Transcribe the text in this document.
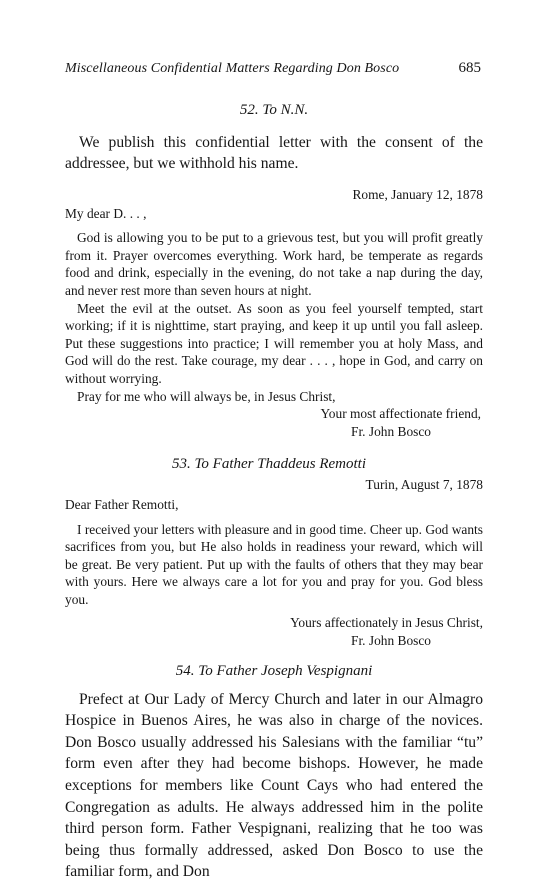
Miscellaneous Confidential Matters Regarding Don Bosco	685
52. To N.N.

We publish this confidential letter with the consent of the addressee, but we withhold his name.

Rome, January 12, 1878

My dear D. . . ,

God is allowing you to be put to a grievous test, but you will profit greatly from it. Prayer overcomes everything. Work hard, be temperate as regards food and drink, especially in the evening, do not take a nap during the day, and never rest more than seven hours at night.

Meet the evil at the outset. As soon as you feel yourself tempted, start working; if it is nighttime, start praying, and keep it up until you fall asleep. Put these suggestions into practice; I will remember you at holy Mass, and God will do the rest. Take courage, my dear . . . , hope in God, and carry on without worrying.

Pray for me who will always be, in Jesus Christ,

Your most affectionate friend,
Fr. John Bosco
53. To Father Thaddeus Remotti

Turin, August 7, 1878

Dear Father Remotti,

I received your letters with pleasure and in good time. Cheer up. God wants sacrifices from you, but He also holds in readiness your reward, which will be great. Be very patient. Put up with the faults of others that they may bear with yours. Here we always care a lot for you and pray for you. God bless you.

Yours affectionately in Jesus Christ,
Fr. John Bosco
54. To Father Joseph Vespignani

Prefect at Our Lady of Mercy Church and later in our Almagro Hospice in Buenos Aires, he was also in charge of the novices. Don Bosco usually addressed his Salesians with the familiar “tu” form even after they had become bishops. However, he made exceptions for members like Count Cays who had entered the Congregation as adults. He always addressed him in the polite third person form. Father Vespignani, realizing that he too was being thus formally addressed, asked Don Bosco to use the familiar form, and Don
